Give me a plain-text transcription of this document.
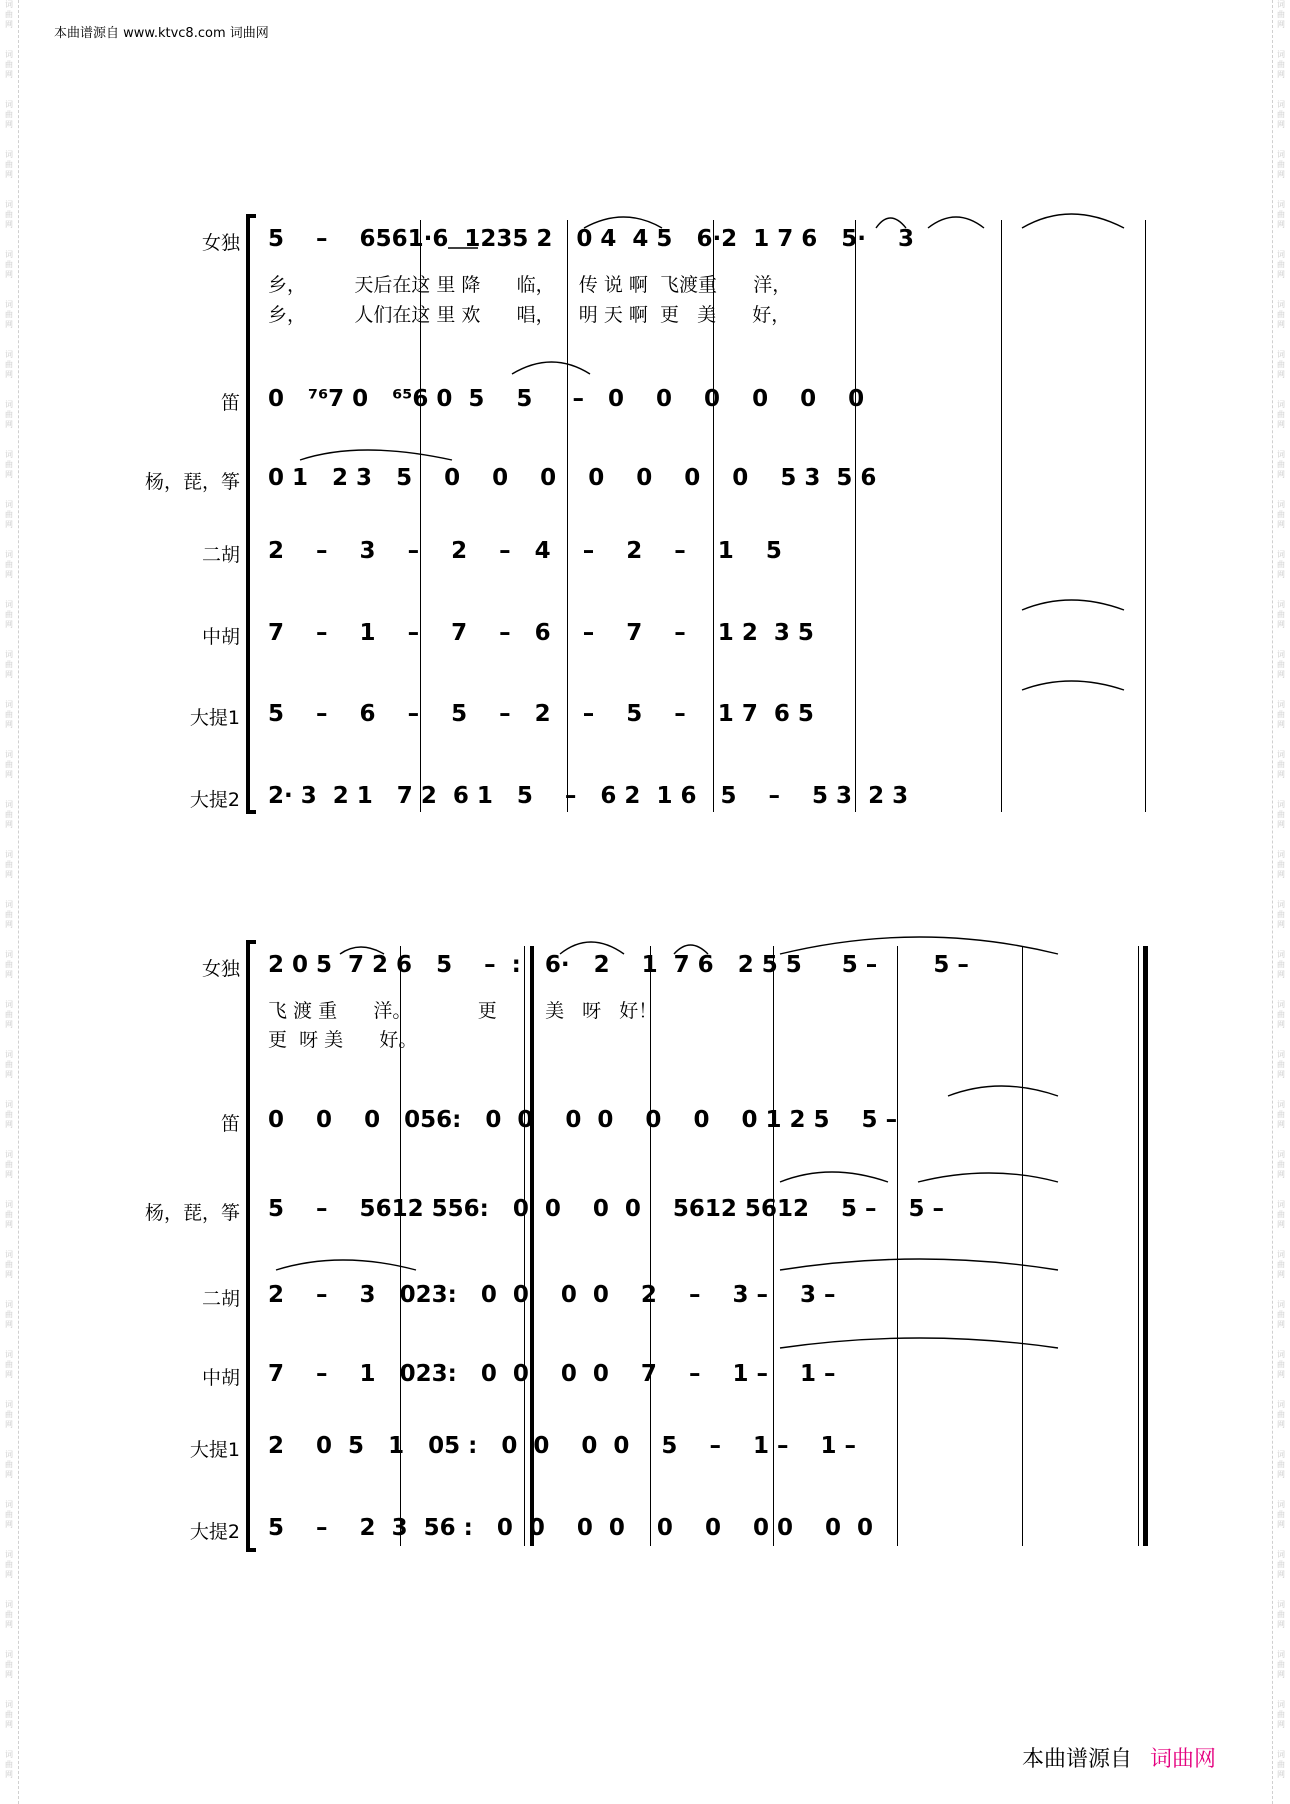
词
曲
网
词
曲
网
词
曲
网
词
曲
网
词
曲
网
词
曲
网
词
曲
网
词
曲
网
词
曲
网
词
曲
网
词
曲
网
词
曲
网
词
曲
网
词
曲
网
词
曲
网
词
曲
网
词
曲
网
词
曲
网
词
曲
网
词
曲
网
词
曲
网
词
曲
网
词
曲
网
词
曲
网
词
曲
网
词
曲
网
词
曲
网
词
曲
网
词
曲
网
词
曲
网
词
曲
网
词
曲
网
词
曲
网
词
曲
网
词
曲
网
词
曲
网
词
曲
网
词
曲
网
词
曲
网
词
曲
网
词
曲
网
词
曲
网
词
曲
网
词
曲
网
词
曲
网
词
曲
网
词
曲
网
词
曲
网
词
曲
网
词
曲
网
词
曲
网
词
曲
网
词
曲
网
词
曲
网
词
曲
网
词
曲
网
词
曲
网
词
曲
网
词
曲
网
词
曲
网
词
曲
网
词
曲
网
词
曲
网
词
曲
网
词
曲
网
词
曲
网
词
曲
网
词
曲
网
词
曲
网
词
曲
网
词
曲
网
词
曲
网
本曲谱源自 www.ktvc8.com 词曲网
女独 5    –    6561·6  1235 2   0 4  4 5   6·2  1 7 6   5·    3
乡，        天后在这 里 降      临，    传 说 啊  飞渡重      洋，
乡，        人们在这 里 欢      唱，    明 天 啊  更   美      好，
笛 0   ⁷⁶7 0   ⁶⁵6 0  5    5     –   0    0    0    0    0    0
杨，琵，筝 0 1   2 3   5    0    0    0    0    0    0    0    5 3  5 6
二胡 2    –    3    –    2    –   4    –    2    –    1    5
中胡 7    –    1    –    7    –   6    –    7    –    1 2  3 5
大提1 5    –    6    –    5    –   2    –    5    –    1 7  6 5
大提2 2· 3  2 1   7 2  6 1   5    –   6 2  1 6   5    –    5 3  2 3
女独 2 0 5  7 2 6   5    –  :   6·   2    1  7 6   2 5 5     5 –       5 –
飞 渡 重      洋。           更        美   呀   好！
更  呀 美      好。
笛 0    0    0   056:   0  0    0  0    0    0    0 1 2 5    5 –
杨，琵，筝 5    –    5612 556:   0  0    0  0    5612 5612    5 –    5 –
二胡 2    –    3   023:   0  0    0  0    2    –    3 –    3 –
中胡 7    –    1   023:   0  0    0  0    7    –    1 –    1 –
大提1 2    0  5   1   05 :   0  0    0  0    5    –    1 –    1 –
大提2 5    –    2  3  56 :   0  0    0  0    0    0    0 0    0  0
本曲谱源自 词曲网
